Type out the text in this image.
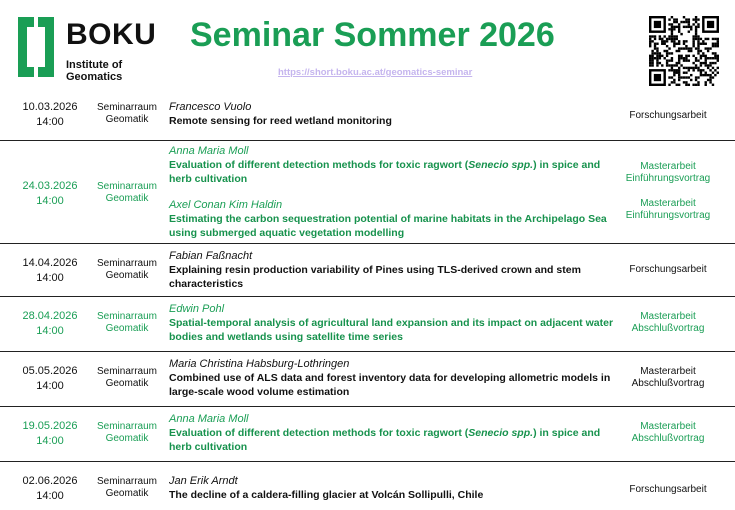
BOKU
Institute of Geomatics
Seminar Sommer 2026
https://short.boku.ac.at/geomatics-seminar
10.03.2026
14:00
Seminarraum Geomatik
Francesco Vuolo
Remote sensing for reed wetland monitoring	Forschungsarbeit
24.03.2026
14:00
Seminarraum Geomatik
Anna Maria Moll
Evaluation of different detection methods for toxic ragwort (Senecio spp.) in spice and herb cultivation
Axel Conan Kim Haldin
Estimating the carbon sequestration potential of marine habitats in the Archipelago Sea using submerged aquatic vegetation modelling
Masterarbeit Einführungsvortrag
Masterarbeit Einführungsvortrag
14.04.2026
14:00
Seminarraum Geomatik
Fabian Faßnacht
Explaining resin production variability of Pines using TLS-derived crown and stem characteristics
Forschungsarbeit
28.04.2026
14:00
Seminarraum Geomatik
Edwin Pohl
Spatial-temporal analysis of agricultural land expansion and its impact on adjacent water bodies and wetlands using satellite time series
Masterarbeit Abschlußvortrag
05.05.2026
14:00
Seminarraum Geomatik
Maria Christina Habsburg-Lothringen
Combined use of ALS data and forest inventory data for developing allometric models in large-scale wood volume estimation
Masterarbeit Abschlußvortrag
19.05.2026
14:00
Seminarraum Geomatik
Anna Maria Moll
Evaluation of different detection methods for toxic ragwort (Senecio spp.) in spice and herb cultivation
Masterarbeit Abschlußvortrag
02.06.2026
14:00
Seminarraum Geomatik
Jan Erik Arndt
The decline of a caldera-filling glacier at Volcán Sollipulli, Chile	Forschungsarbeit
